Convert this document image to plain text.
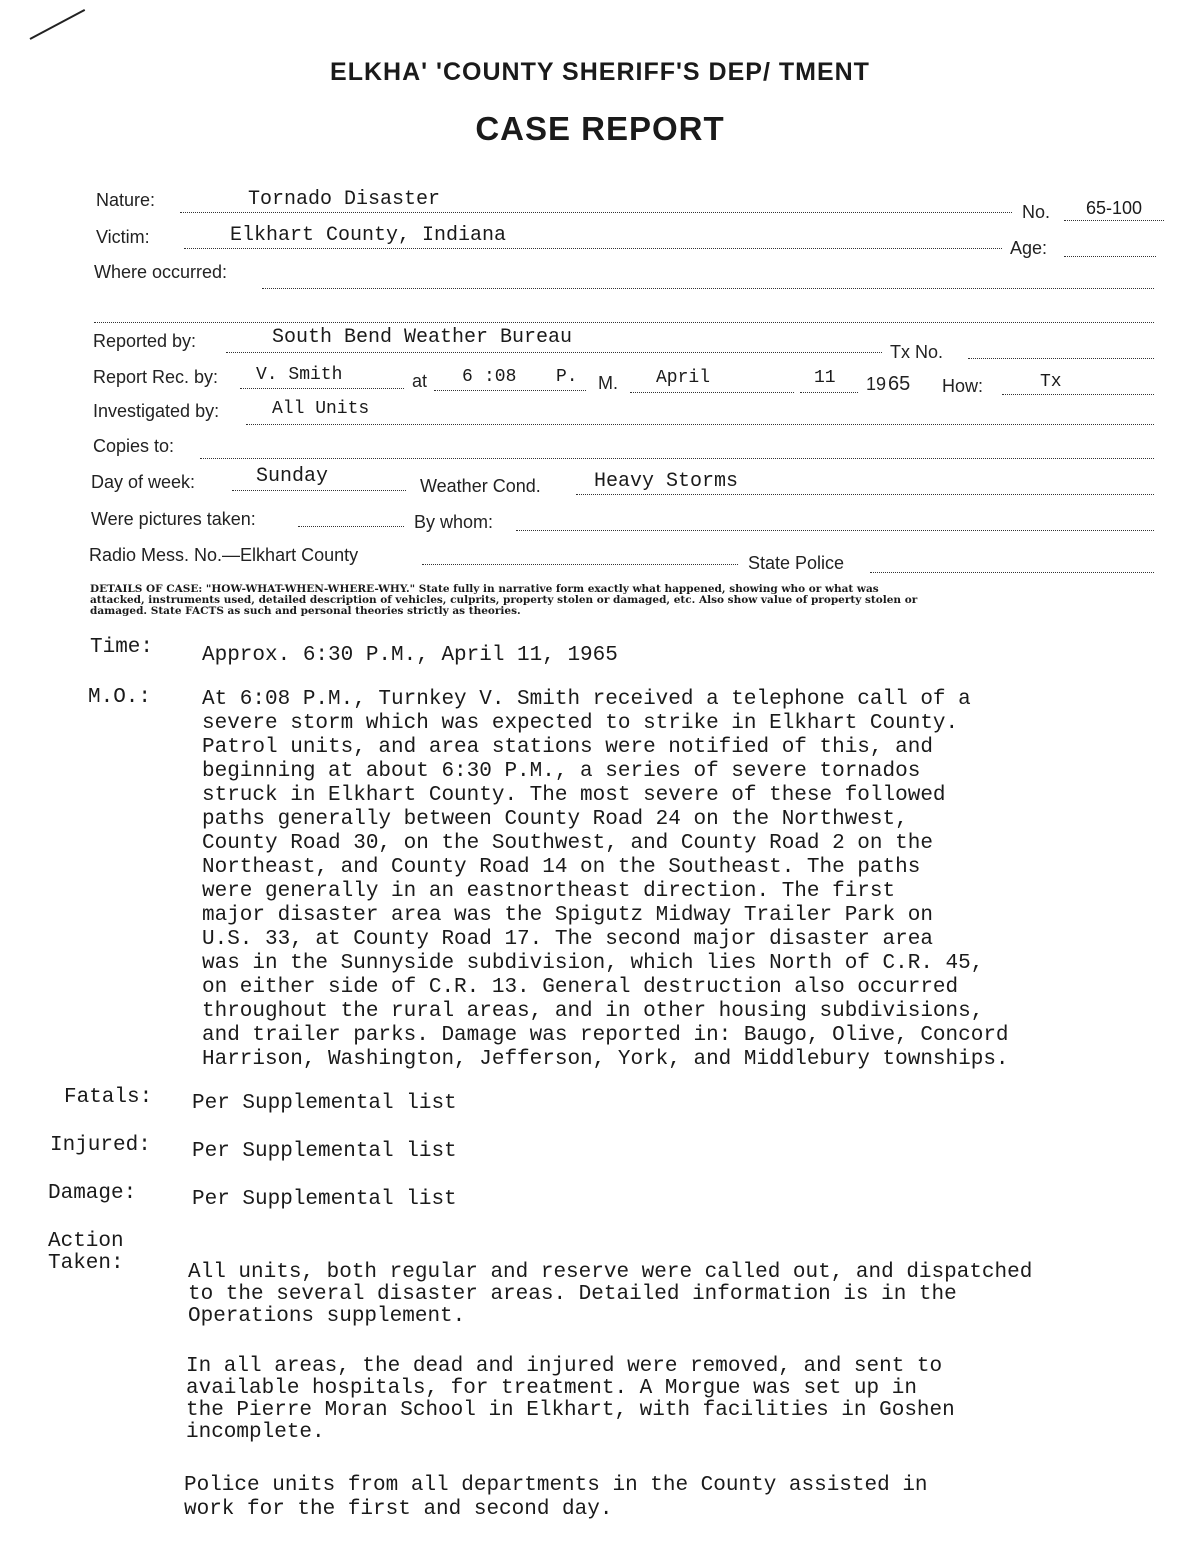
ELKHA' 'COUNTY SHERIFF'S DEP/ TMENT
CASE REPORT
Nature:	Tornado Disaster
No. 65-100
Victim:	Elkhart County, Indiana
Age:
Where occurred:
Reported by:	South Bend Weather Bureau
Tx No.
Report Rec. by: V. Smith	at 6 :08 P. M. April	11 19 65 How:	Tx
Investigated by:	All Units
Copies to:
Day of week:	Sunday	Weather Cond.	Heavy Storms
Were pictures taken:	By whom:
Radio Mess. No.—Elkhart County	State Police
DETAILS OF CASE: "HOW-WHAT-WHEN-WHERE-WHY." State fully in narrative form exactly what happened, showing who or what was
attacked, instruments used, detailed description of vehicles, culprits, property stolen or damaged, etc. Also show value of property stolen or
damaged. State FACTS as such and personal theories strictly as theories.
Time: Approx. 6:30 P.M., April 11, 1965
M.O.: At 6:08 P.M., Turnkey V. Smith received a telephone call of a
severe storm which was expected to strike in Elkhart County.
Patrol units, and area stations were notified of this, and
beginning at about 6:30 P.M., a series of severe tornados
struck in Elkhart County. The most severe of these followed
paths generally between County Road 24 on the Northwest,
County Road 30, on the Southwest, and County Road 2 on the
Northeast, and County Road 14 on the Southeast. The paths
were generally in an eastnortheast direction. The first
major disaster area was the Spigutz Midway Trailer Park on
U.S. 33, at County Road 17. The second major disaster area
was in the Sunnyside subdivision, which lies North of C.R. 45,
on either side of C.R. 13. General destruction also occurred
throughout the rural areas, and in other housing subdivisions,
and trailer parks. Damage was reported in: Baugo, Olive, Concord
Harrison, Washington, Jefferson, York, and Middlebury townships.
Fatals: Per Supplemental list
Injured: Per Supplemental list
Damage:	Per Supplemental list
Action
Taken:	All units, both regular and reserve were called out, and dispatched
to the several disaster areas. Detailed information is in the
Operations supplement.
In all areas, the dead and injured were removed, and sent to
available hospitals, for treatment. A Morgue was set up in
the Pierre Moran School in Elkhart, with facilities in Goshen
incomplete.
Police units from all departments in the County assisted in
work for the first and second day.
